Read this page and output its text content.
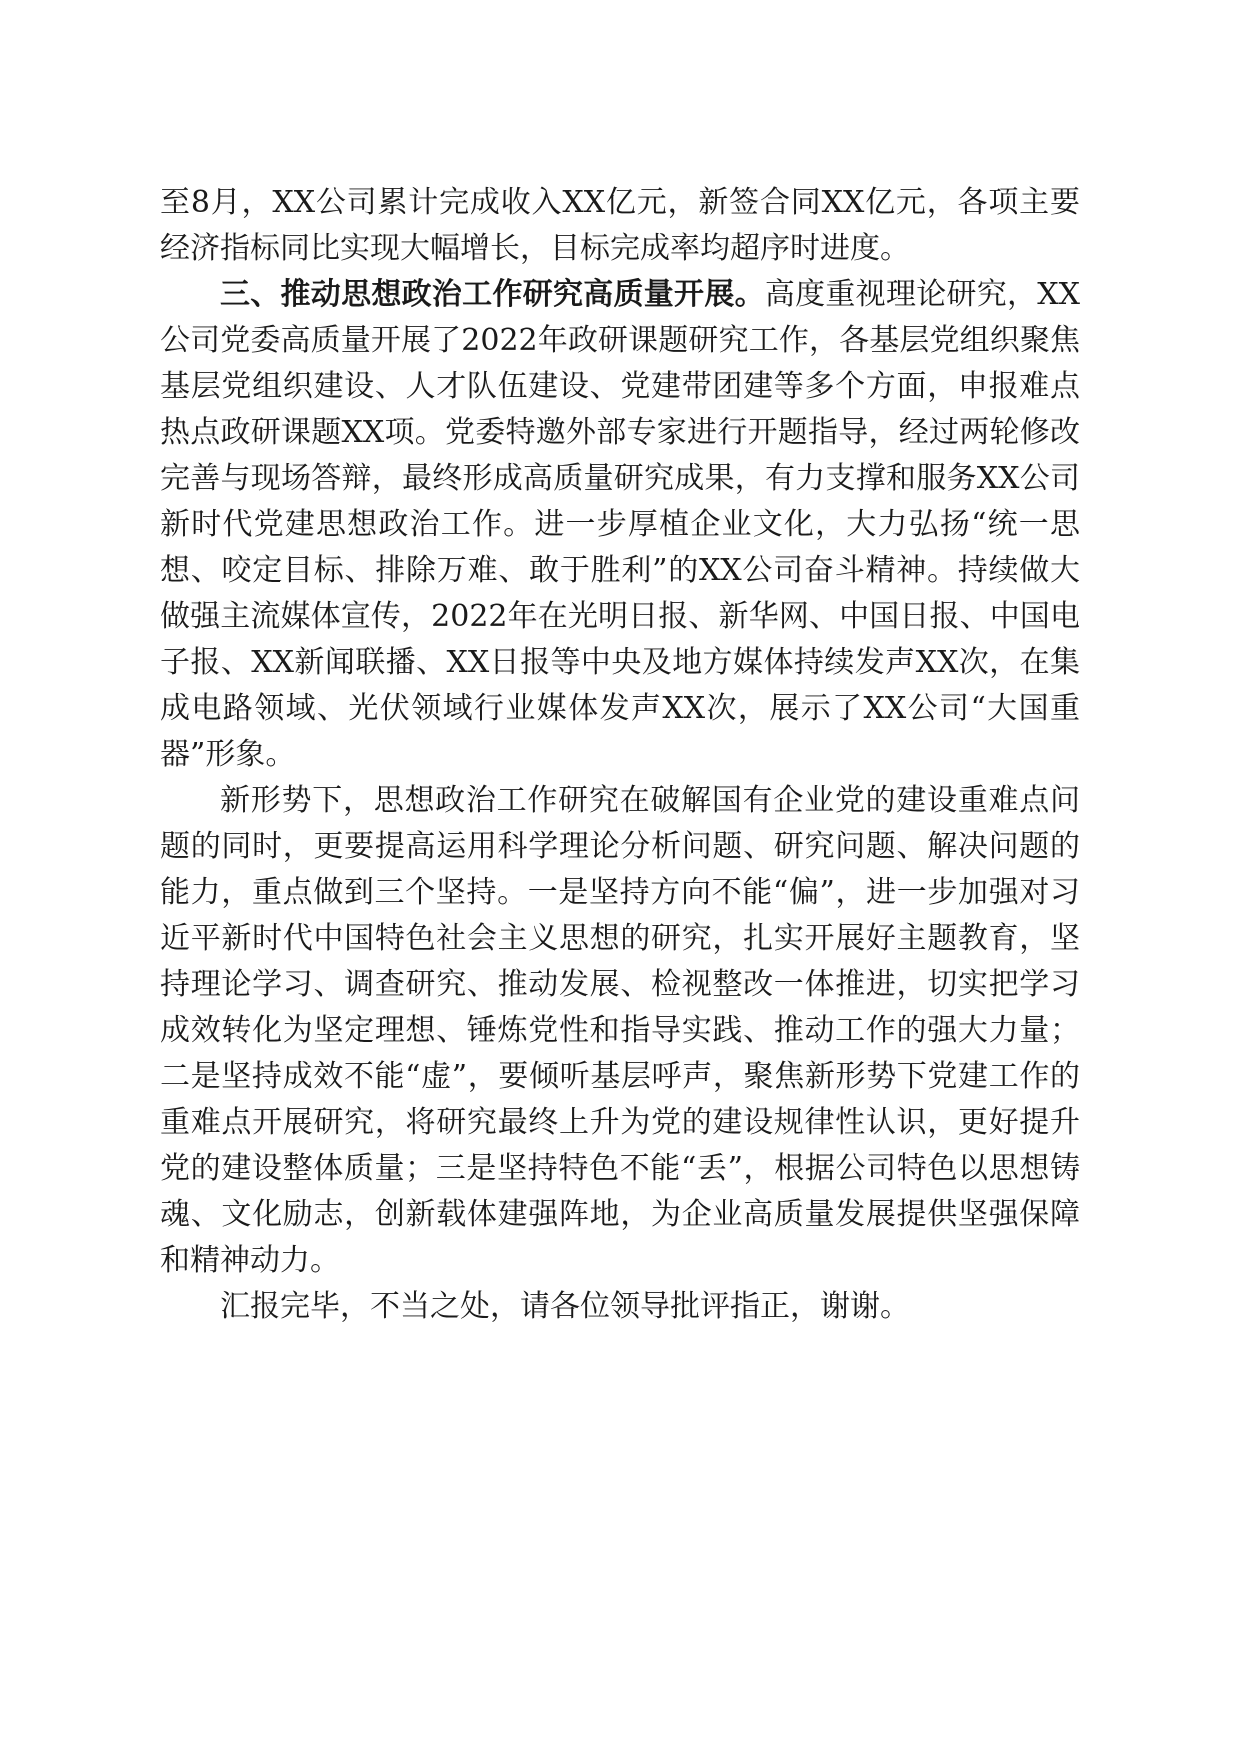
至8月，XX公司累计完成收入XX亿元，新签合同XX亿元，各项主要经济指标同比实现大幅增长，目标完成率均超序时进度。

三、推动思想政治工作研究高质量开展。高度重视理论研究，XX公司党委高质量开展了2022年政研课题研究工作，各基层党组织聚焦基层党组织建设、人才队伍建设、党建带团建等多个方面，申报难点热点政研课题XX项。党委特邀外部专家进行开题指导，经过两轮修改完善与现场答辩，最终形成高质量研究成果，有力支撑和服务XX公司新时代党建思想政治工作。进一步厚植企业文化，大力弘扬“统一思想、咬定目标、排除万难、敢于胜利”的XX公司奋斗精神。持续做大做强主流媒体宣传，2022年在光明日报、新华网、中国日报、中国电子报、XX新闻联播、XX日报等中央及地方媒体持续发声XX次，在集成电路领域、光伏领域行业媒体发声XX次，展示了XX公司“大国重器”形象。

新形势下，思想政治工作研究在破解国有企业党的建设重难点问题的同时，更要提高运用科学理论分析问题、研究问题、解决问题的能力，重点做到三个坚持。一是坚持方向不能“偏”，进一步加强对习近平新时代中国特色社会主义思想的研究，扎实开展好主题教育，坚持理论学习、调查研究、推动发展、检视整改一体推进，切实把学习成效转化为坚定理想、锤炼党性和指导实践、推动工作的强大力量；二是坚持成效不能“虚”，要倾听基层呼声，聚焦新形势下党建工作的重难点开展研究，将研究最终上升为党的建设规律性认识，更好提升党的建设整体质量；三是坚持特色不能“丢”，根据公司特色以思想铸魂、文化励志，创新载体建强阵地，为企业高质量发展提供坚强保障和精神动力。

汇报完毕，不当之处，请各位领导批评指正，谢谢。
